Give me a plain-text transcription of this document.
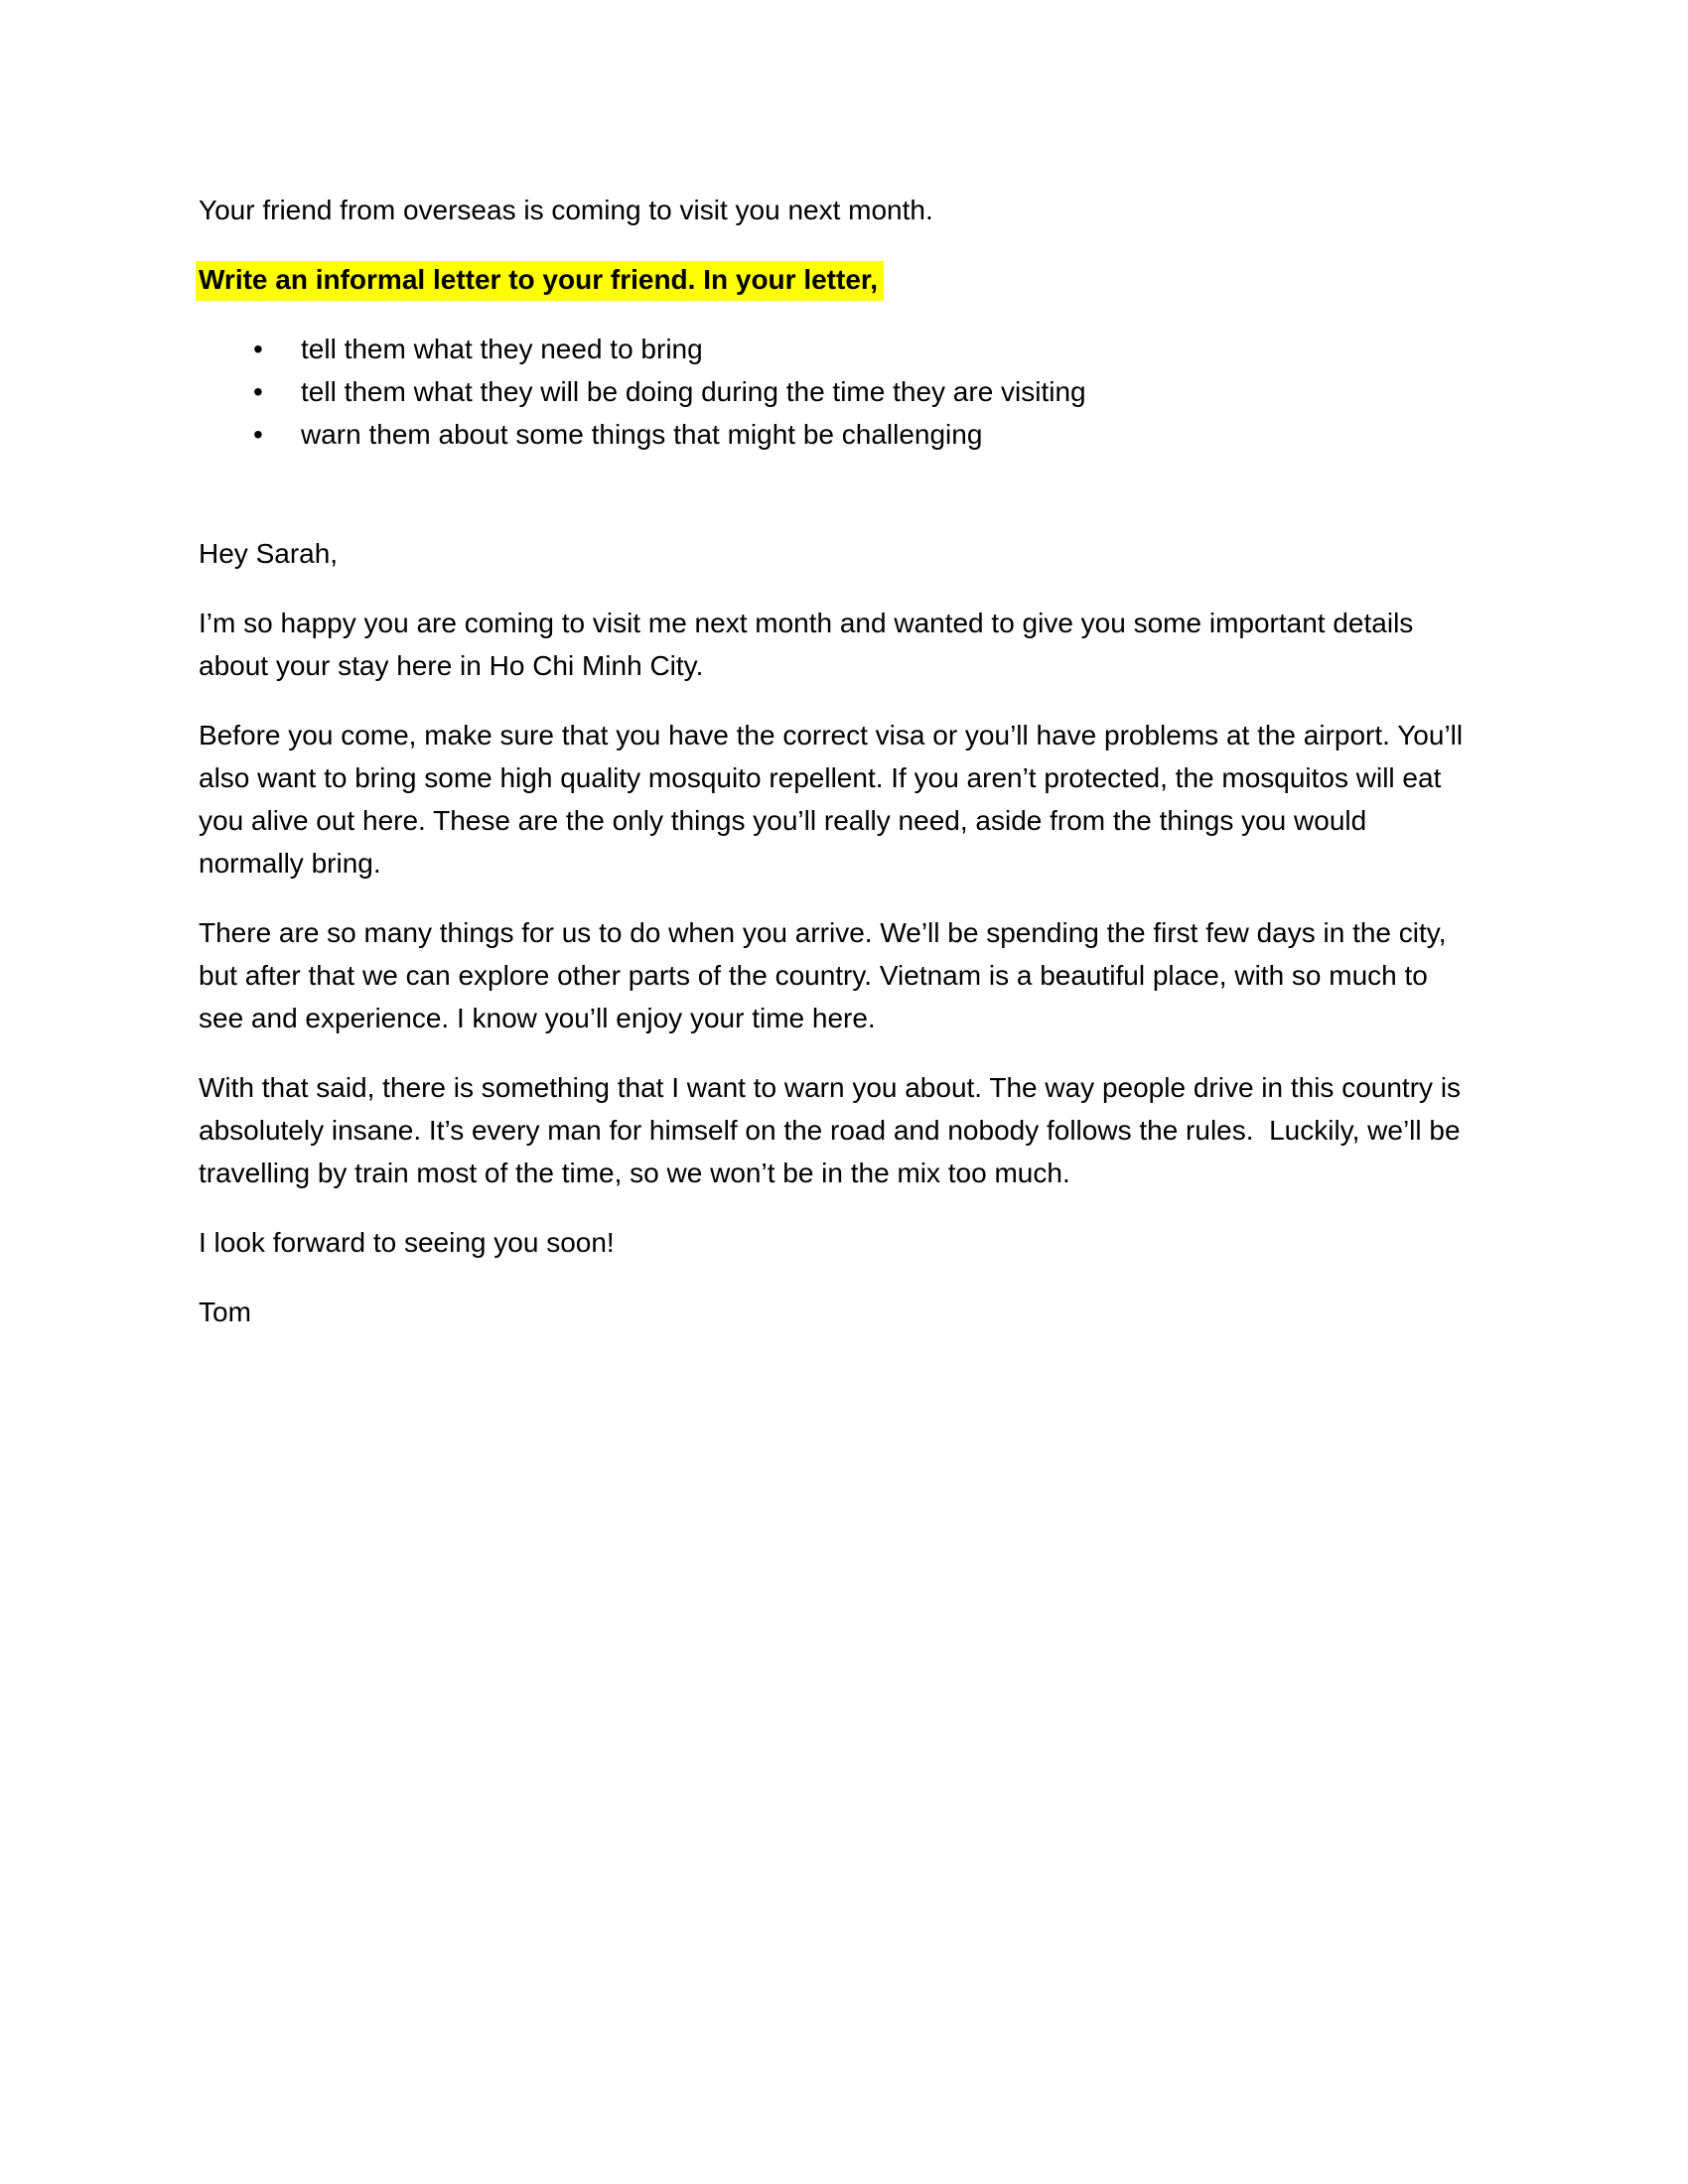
Your friend from overseas is coming to visit you next month.

Write an informal letter to your friend. In your letter,

• tell them what they need to bring
• tell them what they will be doing during the time they are visiting
• warn them about some things that might be challenging

Hey Sarah,

I’m so happy you are coming to visit me next month and wanted to give you some important details
about your stay here in Ho Chi Minh City.

Before you come, make sure that you have the correct visa or you’ll have problems at the airport. You’ll
also want to bring some high quality mosquito repellent. If you aren’t protected, the mosquitos will eat
you alive out here. These are the only things you’ll really need, aside from the things you would
normally bring.

There are so many things for us to do when you arrive. We’ll be spending the first few days in the city,
but after that we can explore other parts of the country. Vietnam is a beautiful place, with so much to
see and experience. I know you’ll enjoy your time here.

With that said, there is something that I want to warn you about. The way people drive in this country is
absolutely insane. It’s every man for himself on the road and nobody follows the rules.  Luckily, we’ll be
travelling by train most of the time, so we won’t be in the mix too much.

I look forward to seeing you soon!

Tom
